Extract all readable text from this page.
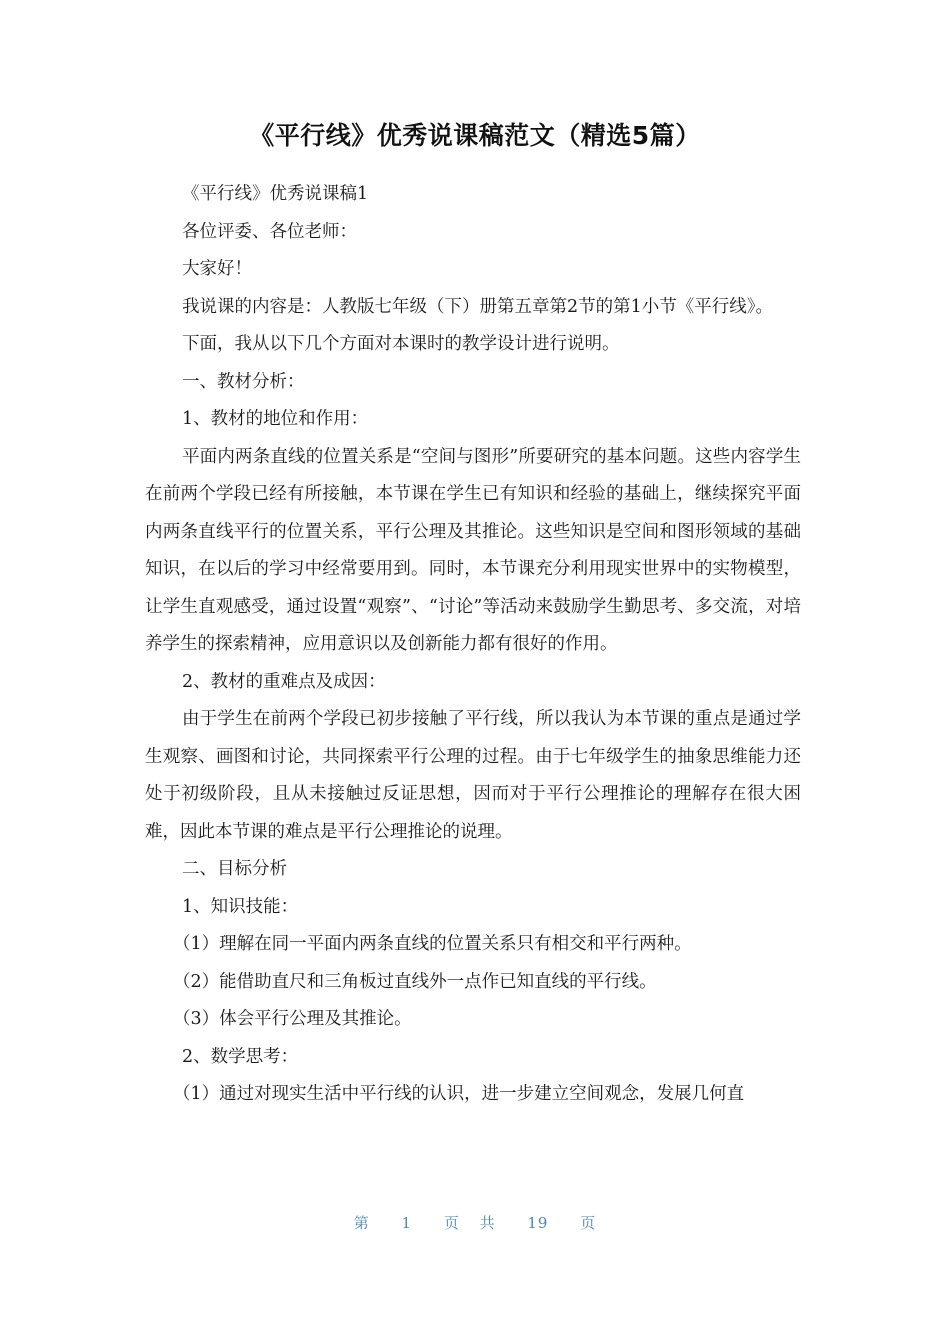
《平行线》优秀说课稿范文（精选5篇）

《平行线》优秀说课稿1

各位评委、各位老师：

大家好！

我说课的内容是：人教版七年级（下）册第五章第2节的第1小节《平行线》。

下面，我从以下几个方面对本课时的教学设计进行说明。

一、教材分析：

1、教材的地位和作用：

平面内两条直线的位置关系是“空间与图形”所要研究的基本问题。这些内容学生在前两个学段已经有所接触，本节课在学生已有知识和经验的基础上，继续探究平面内两条直线平行的位置关系，平行公理及其推论。这些知识是空间和图形领域的基础知识，在以后的学习中经常要用到。同时，本节课充分利用现实世界中的实物模型，让学生直观感受，通过设置“观察”、“讨论”等活动来鼓励学生勤思考、多交流，对培养学生的探索精神，应用意识以及创新能力都有很好的作用。

2、教材的重难点及成因：

由于学生在前两个学段已初步接触了平行线，所以我认为本节课的重点是通过学生观察、画图和讨论，共同探索平行公理的过程。由于七年级学生的抽象思维能力还处于初级阶段，且从未接触过反证思想，因而对于平行公理推论的理解存在很大困难，因此本节课的难点是平行公理推论的说理。

二、目标分析

1、知识技能：

（1）理解在同一平面内两条直线的位置关系只有相交和平行两种。

（2）能借助直尺和三角板过直线外一点作已知直线的平行线。

（3）体会平行公理及其推论。

2、数学思考：

（1）通过对现实生活中平行线的认识，进一步建立空间观念，发展几何直

第 1 页 共 19 页
